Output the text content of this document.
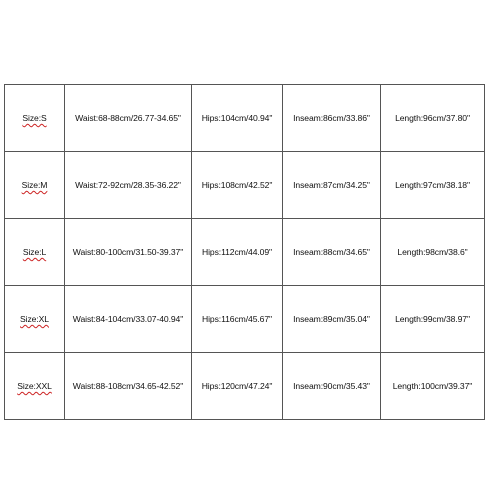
Size:S	Waist:68-88cm/26.77-34.65"	Hips:104cm/40.94"	Inseam:86cm/33.86"	Length:96cm/37.80"
Size:M	Waist:72-92cm/28.35-36.22"	Hips:108cm/42.52"	Inseam:87cm/34.25"	Length:97cm/38.18"
Size:L	Waist:80-100cm/31.50-39.37"	Hips:112cm/44.09"	Inseam:88cm/34.65"	Length:98cm/38.6"
Size:XL	Waist:84-104cm/33.07-40.94"	Hips:116cm/45.67"	Inseam:89cm/35.04"	Length:99cm/38.97"
Size:XXL	Waist:88-108cm/34.65-42.52"	Hips:120cm/47.24"	Inseam:90cm/35.43"	Length:100cm/39.37"
